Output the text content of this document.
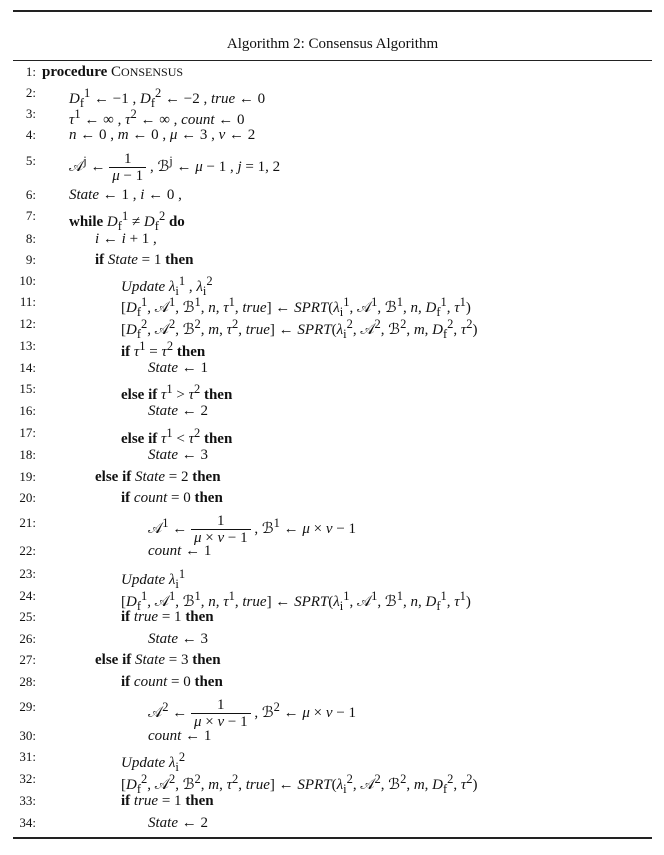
Algorithm 2: Consensus Algorithm
1: procedure CONSENSUS
2: $D_f^1$ ← −1 , $D_f^2$ ← −2 , true ← 0
3: $\tau^1$ ← ∞ , $\tau^2$ ← ∞ , count ← 0
4: n ← 0 , m ← 0 , μ ← 3 , ν ← 2
5: 𝒜$^j$ ← $\frac{1}{\mu - 1}$ , ℬ$^j$ ← μ − 1 , j = 1, 2
6: State ← 1 , i ← 0 ,
7: while $D_f^1 \ne D_f^2$ do
8:	i ← i + 1 ,
9:	if State = 1 then
10:	Update $\lambda_i^1$ , $\lambda_i^2$
11:	[$D_f^1$, 𝒜$^1$, ℬ$^1$, n, $\tau^1$, true] ← $SPRT(\lambda_i^1$, 𝒜$^1$, ℬ$^1$, n, $D_f^1$, $\tau^1$)
12:	[$D_f^2$, 𝒜$^2$, ℬ$^2$, m, $\tau^2$, true] ← $SPRT(\lambda_i^2$, 𝒜$^2$, ℬ$^2$, m, $D_f^2$, $\tau^2$)
13:	if $\tau^1 = \tau^2$ then
14:	State ← 1
15:	else if $\tau^1 > \tau^2$ then
16:	State ← 2
17:	else if $\tau^1 < \tau^2$ then
18:	State ← 3
19:	else if State = 2 then
20:	if count = 0 then
21:	𝒜$^1$ ← $\frac{1}{\mu \times \nu - 1}$ , ℬ$^1$ ← μ × ν − 1
22:	count ← 1
23:	Update $\lambda_i^1$
24:	[$D_f^1$, 𝒜$^1$, ℬ$^1$, n, $\tau^1$, true] ← $SPRT(\lambda_i^1$, 𝒜$^1$, ℬ$^1$, n, $D_f^1$, $\tau^1$)
25:	if true = 1 then
26:	State ← 3
27:	else if State = 3 then
28:	if count = 0 then
29:	𝒜$^2$ ← $\frac{1}{\mu \times \nu - 1}$ , ℬ$^2$ ← μ × ν − 1
30:	count ← 1
31:	Update $\lambda_i^2$
32:	[$D_f^2$, 𝒜$^2$, ℬ$^2$, m, $\tau^2$, true] ← $SPRT(\lambda_i^2$, 𝒜$^2$, ℬ$^2$, m, $D_f^2$, $\tau^2$)
33:	if true = 1 then
34:	State ← 2
